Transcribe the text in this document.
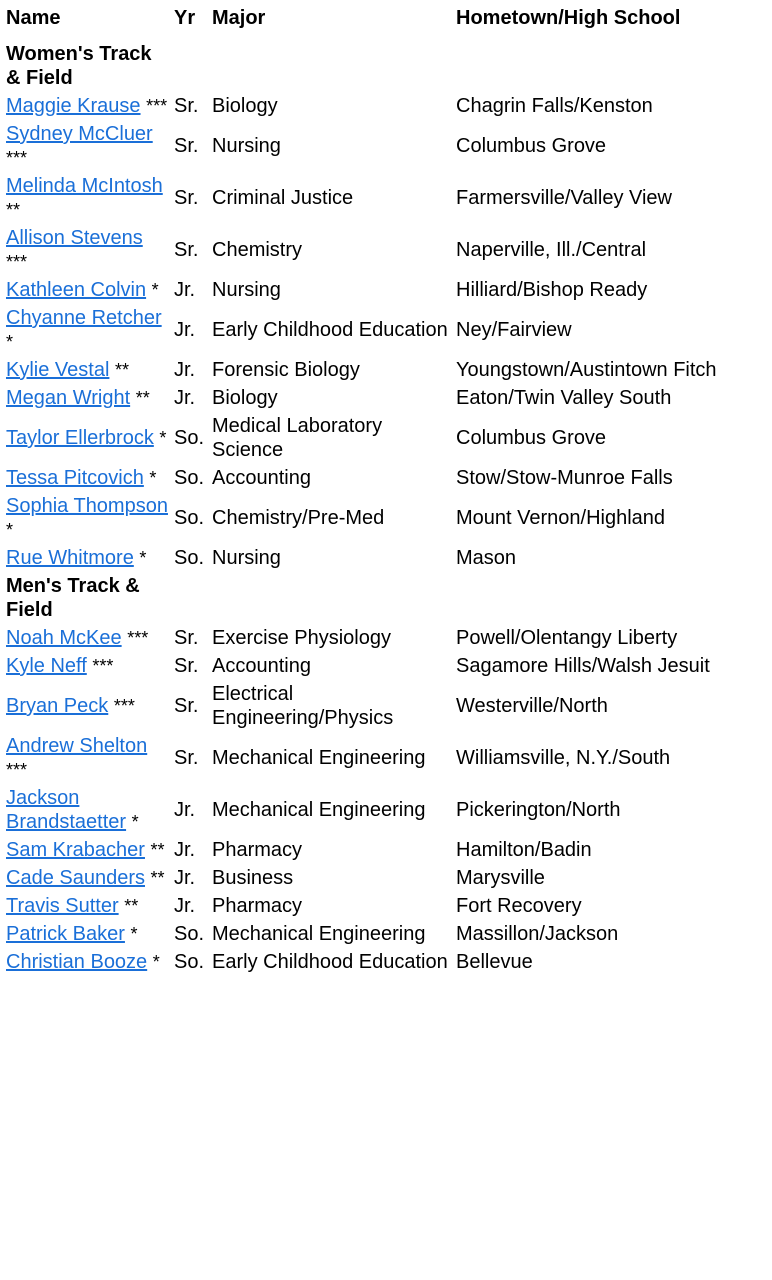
Name	Yr	Major	Hometown/High School
Women's Track & Field			
Maggie Krause ***	Sr.	Biology	Chagrin Falls/Kenston
Sydney McCluer ***	Sr.	Nursing	Columbus Grove
Melinda McIntosh **	Sr.	Criminal Justice	Farmersville/Valley View
Allison Stevens ***	Sr.	Chemistry	Naperville, Ill./Central
Kathleen Colvin *	Jr.	Nursing	Hilliard/Bishop Ready
Chyanne Retcher *	Jr.	Early Childhood Education	Ney/Fairview
Kylie Vestal **	Jr.	Forensic Biology	Youngstown/Austintown Fitch
Megan Wright **	Jr.	Biology	Eaton/Twin Valley South
Taylor Ellerbrock *	So.	Medical Laboratory Science	Columbus Grove
Tessa Pitcovich *	So.	Accounting	Stow/Stow-Munroe Falls
Sophia Thompson *	So.	Chemistry/Pre-Med	Mount Vernon/Highland
Rue Whitmore *	So.	Nursing	Mason
Men's Track & Field			
Noah McKee ***	Sr.	Exercise Physiology	Powell/Olentangy Liberty
Kyle Neff ***	Sr.	Accounting	Sagamore Hills/Walsh Jesuit
Bryan Peck ***	Sr.	Electrical Engineering/Physics	Westerville/North
Andrew Shelton ***	Sr.	Mechanical Engineering	Williamsville, N.Y./South
Jackson Brandstaetter *	Jr.	Mechanical Engineering	Pickerington/North
Sam Krabacher **	Jr.	Pharmacy	Hamilton/Badin
Cade Saunders **	Jr.	Business	Marysville
Travis Sutter **	Jr.	Pharmacy	Fort Recovery
Patrick Baker *	So.	Mechanical Engineering	Massillon/Jackson
Christian Booze *	So.	Early Childhood Education	Bellevue
